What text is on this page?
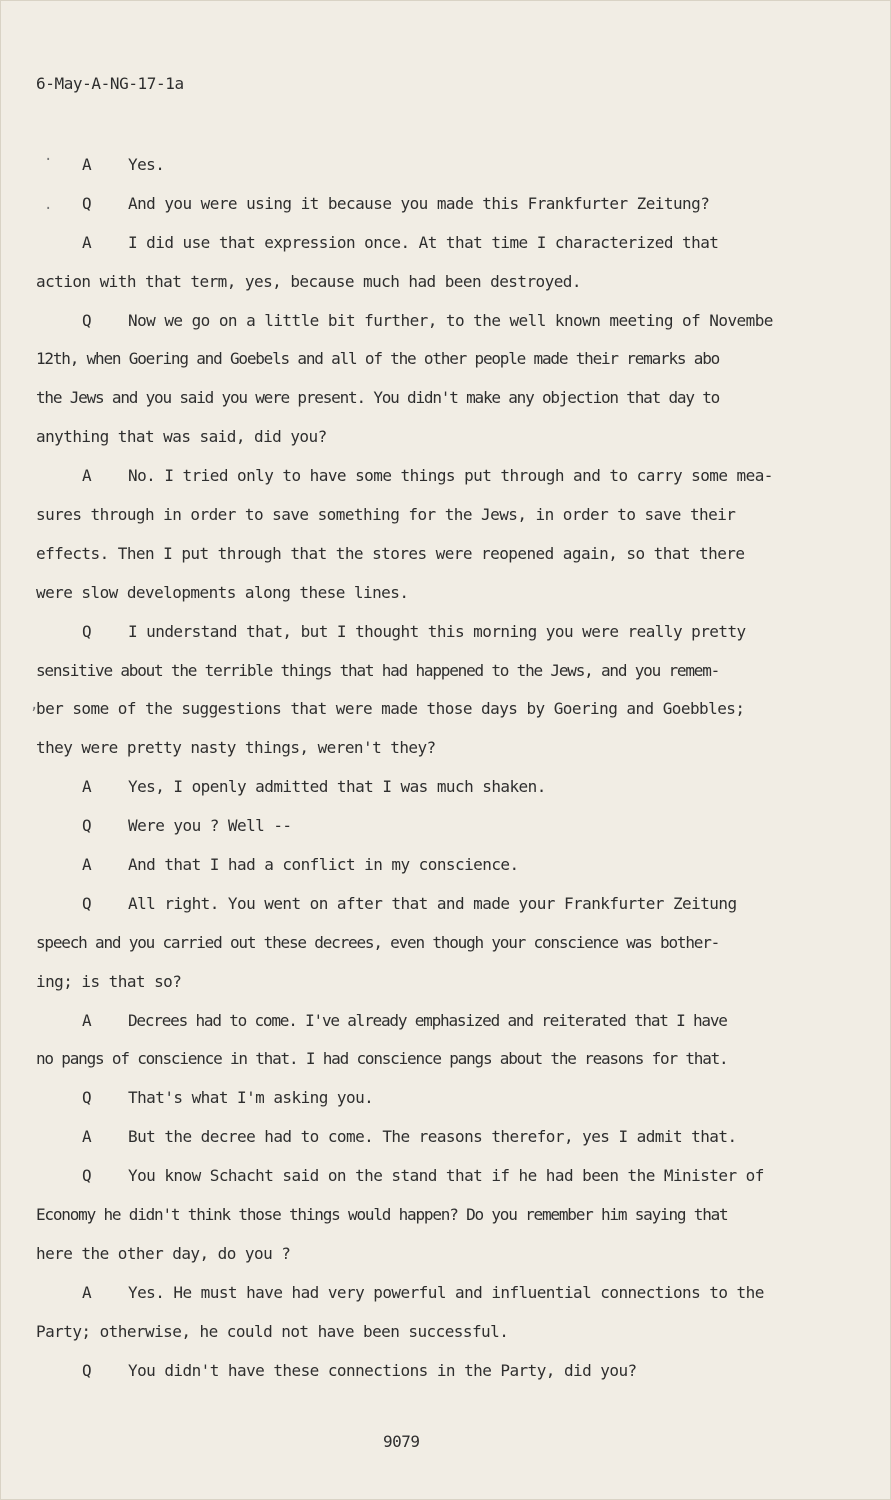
6-May-A-NG-17-1a
·
·
,
A Yes.
Q And you were using it because you made this Frankfurter Zeitung?
A I did use that expression once. At that time I characterized that
action with that term, yes, because much had been destroyed.
Q Now we go on a little bit further, to the well known meeting of Novembe
12th, when Goering and Goebels and all of the other people made their remarks abo
the Jews and you said you were present. You didn't make any objection that day to
anything that was said, did you?
A No. I tried only to have some things put through and to carry some mea-
sures through in order to save something for the Jews, in order to save their
effects. Then I put through that the stores were reopened again, so that there
were slow developments along these lines.
Q I understand that, but I thought this morning you were really pretty
sensitive about the terrible things that had happened to the Jews, and you remem-
ber some of the suggestions that were made those days by Goering and Goebbles;
they were pretty nasty things, weren't they?
A Yes, I openly admitted that I was much shaken.
Q Were you ? Well --
A And that I had a conflict in my conscience.
Q All right. You went on after that and made your Frankfurter Zeitung
speech and you carried out these decrees, even though your conscience was bother-
ing; is that so?
A Decrees had to come. I've already emphasized and reiterated that I have
no pangs of conscience in that. I had conscience pangs about the reasons for that.
Q That's what I'm asking you.
A But the decree had to come. The reasons therefor, yes I admit that.
Q You know Schacht said on the stand that if he had been the Minister of
Economy he didn't think those things would happen? Do you remember him saying that
here the other day, do you ?
A Yes. He must have had very powerful and influential connections to the
Party; otherwise, he could not have been successful.
Q You didn't have these connections in the Party, did you?
9079
